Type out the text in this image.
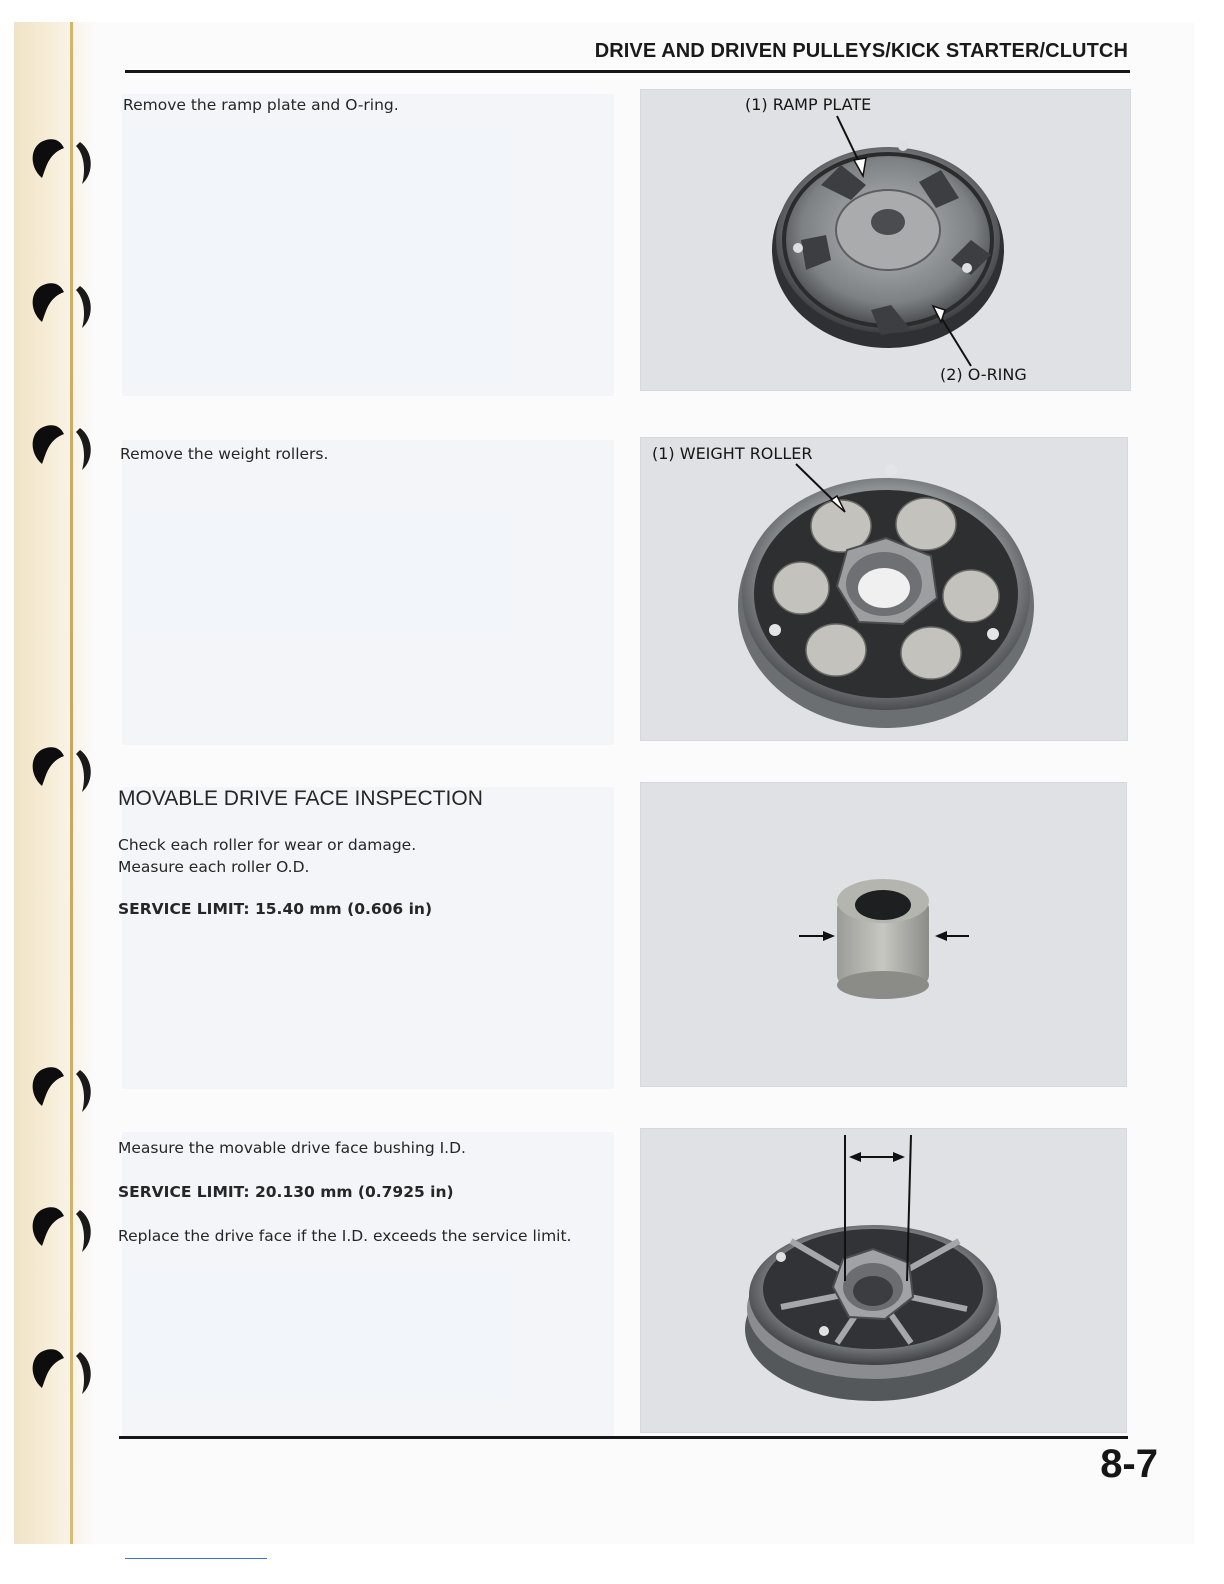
DRIVE AND DRIVEN PULLEYS/KICK STARTER/CLUTCH
Remove the ramp plate and O-ring.
Remove the weight rollers.
MOVABLE DRIVE FACE INSPECTION
Check each roller for wear or damage.
Measure each roller O.D.
SERVICE LIMIT: 15.40 mm (0.606 in)
Measure the movable drive face bushing I.D.
SERVICE LIMIT: 20.130 mm (0.7925 in)
Replace the drive face if the I.D. exceeds the service limit.
(1) RAMP PLATE
(2) O-RING
(1) WEIGHT ROLLER
8-7
